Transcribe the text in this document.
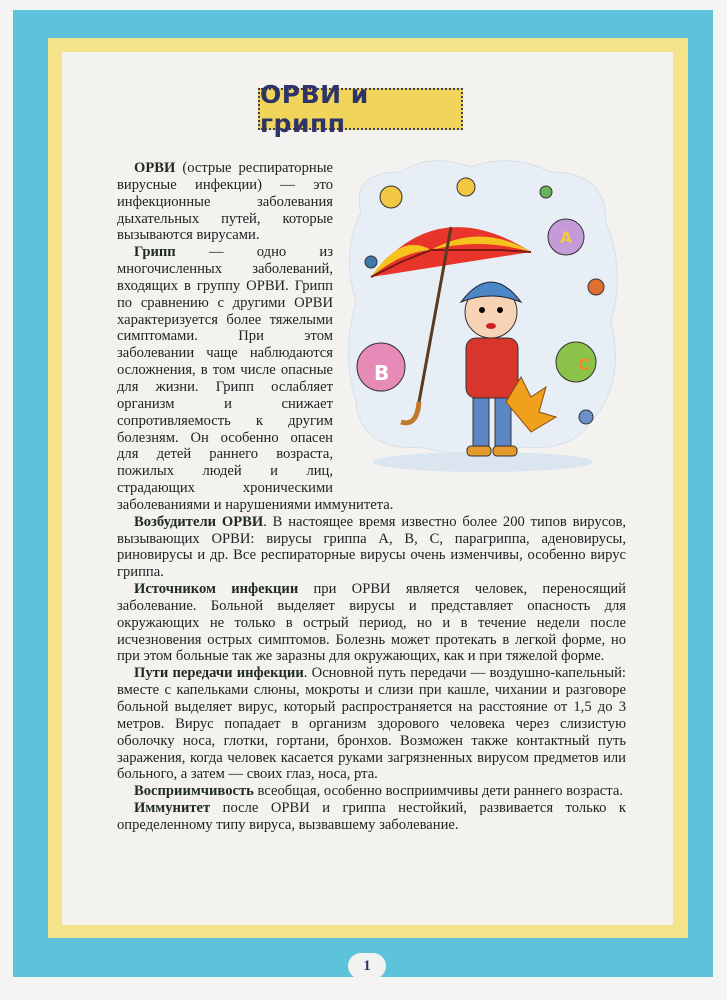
ОРВИ и грипп
A
B	C

ОРВИ (острые респираторные вирусные инфекции) — это инфекционные заболевания дыхательных путей, которые вызываются вирусами.

Грипп — одно из многочисленных заболеваний, входящих в группу ОРВИ. Грипп по сравнению с другими ОРВИ характеризуется более тяжелыми симптомами. При этом заболевании чаще наблюдаются осложнения, в том числе опасные для жизни. Грипп ослабляет организм и снижает сопротивляемость к другим болезням. Он особенно опасен для детей раннего возраста, пожилых людей и лиц, страдающих хроническими заболеваниями и нарушениями иммунитета.

Возбудители ОРВИ. В настоящее время известно более 200 типов вирусов, вызывающих ОРВИ: вирусы гриппа А, В, С, парагриппа, аденовирусы, риновирусы и др. Все респираторные вирусы очень изменчивы, особенно вирус гриппа.

Источником инфекции при ОРВИ является человек, переносящий заболевание. Больной выделяет вирусы и представляет опасность для окружающих не только в острый период, но и в течение недели после исчезновения острых симптомов. Болезнь может протекать в легкой форме, но при этом больные так же заразны для окружающих, как и при тяжелой форме.

Пути передачи инфекции. Основной путь передачи — воздушно-капельный: вместе с капельками слюны, мокроты и слизи при кашле, чихании и разговоре больной выделяет вирус, который распространяется на расстояние от 1,5 до 3 метров. Вирус попадает в организм здорового человека через слизистую оболочку носа, глотки, гортани, бронхов. Возможен также контактный путь заражения, когда человек касается руками загрязненных вирусом предметов или больного, а затем — своих глаз, носа, рта.

Восприимчивость всеобщая, особенно восприимчивы дети раннего возраста.

Иммунитет после ОРВИ и гриппа нестойкий, развивается только к определенному типу вируса, вызвавшему заболевание.

1
